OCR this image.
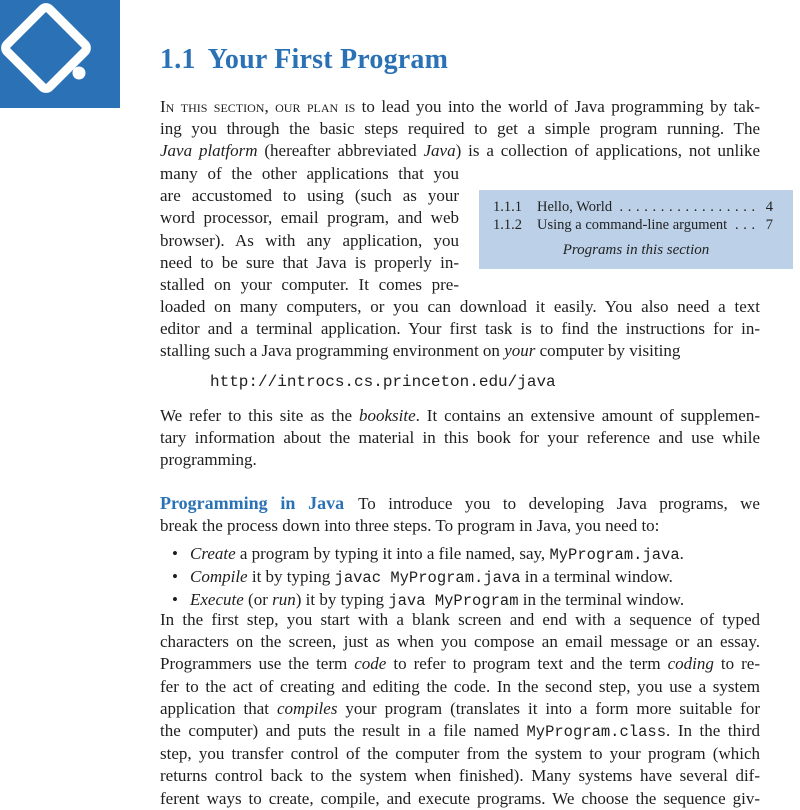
1.1 Your First Program
In this section, our plan is to lead you into the world of Java programming by tak-
ing you through the basic steps required to get a simple program running. The
Java platform (hereafter abbreviated Java) is a collection of applications, not unlike
many of the other applications that you
are accustomed to using (such as your
word processor, email program, and web
browser). As with any application, you
need to be sure that Java is properly in-
stalled on your computer. It comes pre-
1.1.1 Hello, World . . .	4
1.1.2 Using a command-line argument . . .	7
Programs in this section
loaded on many computers, or you can download it easily. You also need a text
editor and a terminal application. Your first task is to find the instructions for in-
stalling such a Java programming environment on your computer by visiting

http://introcs.cs.princeton.edu/java

We refer to this site as the booksite. It contains an extensive amount of supplemen-
tary information about the material in this book for your reference and use while
programming.
Programming in Java To introduce you to developing Java programs, we
break the process down into three steps. To program in Java, you need to:
• Create a program by typing it into a file named, say, MyProgram.java.
• Compile it by typing javac MyProgram.java in a terminal window.
• Execute (or run) it by typing java MyProgram in the terminal window.
In the first step, you start with a blank screen and end with a sequence of typed
characters on the screen, just as when you compose an email message or an essay.
Programmers use the term code to refer to program text and the term coding to re-
fer to the act of creating and editing the code. In the second step, you use a system
application that compiles your program (translates it into a form more suitable for
the computer) and puts the result in a file named MyProgram.class. In the third
step, you transfer control of the computer from the system to your program (which
returns control back to the system when finished). Many systems have several dif-
ferent ways to create, compile, and execute programs. We choose the sequence giv-
